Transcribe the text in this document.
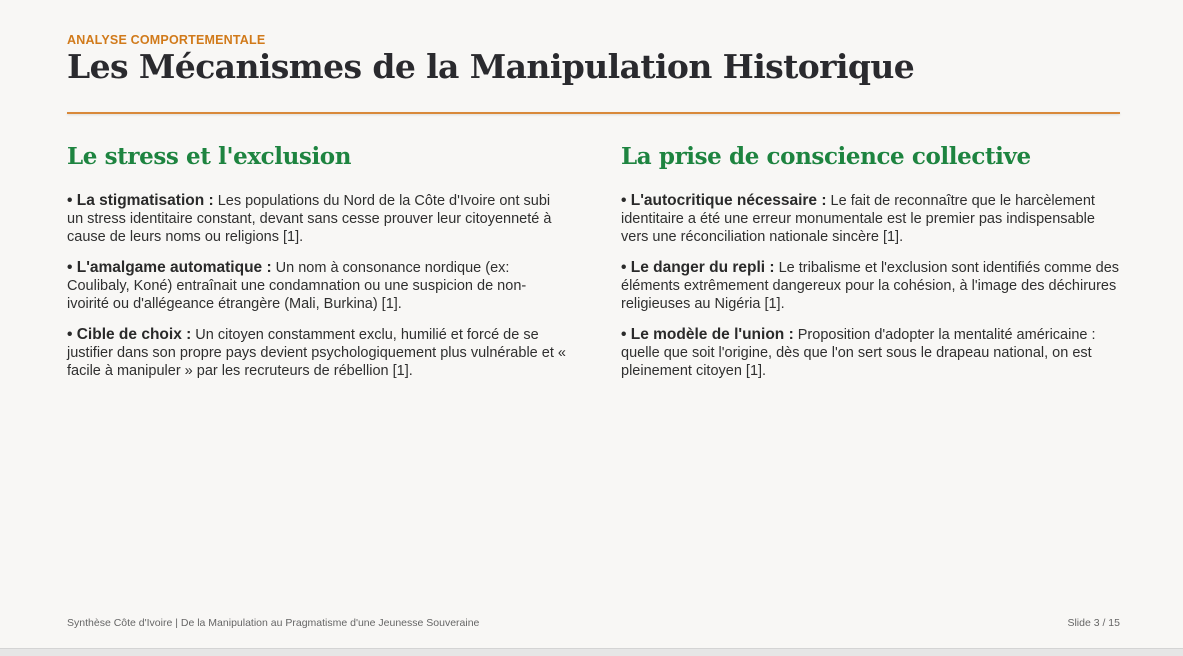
ANALYSE COMPORTEMENTALE
Les Mécanismes de la Manipulation Historique
Le stress et l'exclusion

• La stigmatisation : Les populations du Nord de la Côte d'Ivoire ont subi un stress identitaire constant, devant sans cesse prouver leur citoyenneté à cause de leurs noms ou religions [1].

• L'amalgame automatique : Un nom à consonance nordique (ex: Coulibaly, Koné) entraînait une condamnation ou une suspicion de non-ivoirité ou d'allégeance étrangère (Mali, Burkina) [1].

• Cible de choix : Un citoyen constamment exclu, humilié et forcé de se justifier dans son propre pays devient psychologiquement plus vulnérable et « facile à manipuler » par les recruteurs de rébellion [1].

La prise de conscience collective

• L'autocritique nécessaire : Le fait de reconnaître que le harcèlement identitaire a été une erreur monumentale est le premier pas indispensable vers une réconciliation nationale sincère [1].

• Le danger du repli : Le tribalisme et l'exclusion sont identifiés comme des éléments extrêmement dangereux pour la cohésion, à l'image des déchirures religieuses au Nigéria [1].

• Le modèle de l'union : Proposition d'adopter la mentalité américaine : quelle que soit l'origine, dès que l'on sert sous le drapeau national, on est pleinement citoyen [1].

Synthèse Côte d'Ivoire | De la Manipulation au Pragmatisme d'une Jeunesse Souveraine	Slide 3 / 15
